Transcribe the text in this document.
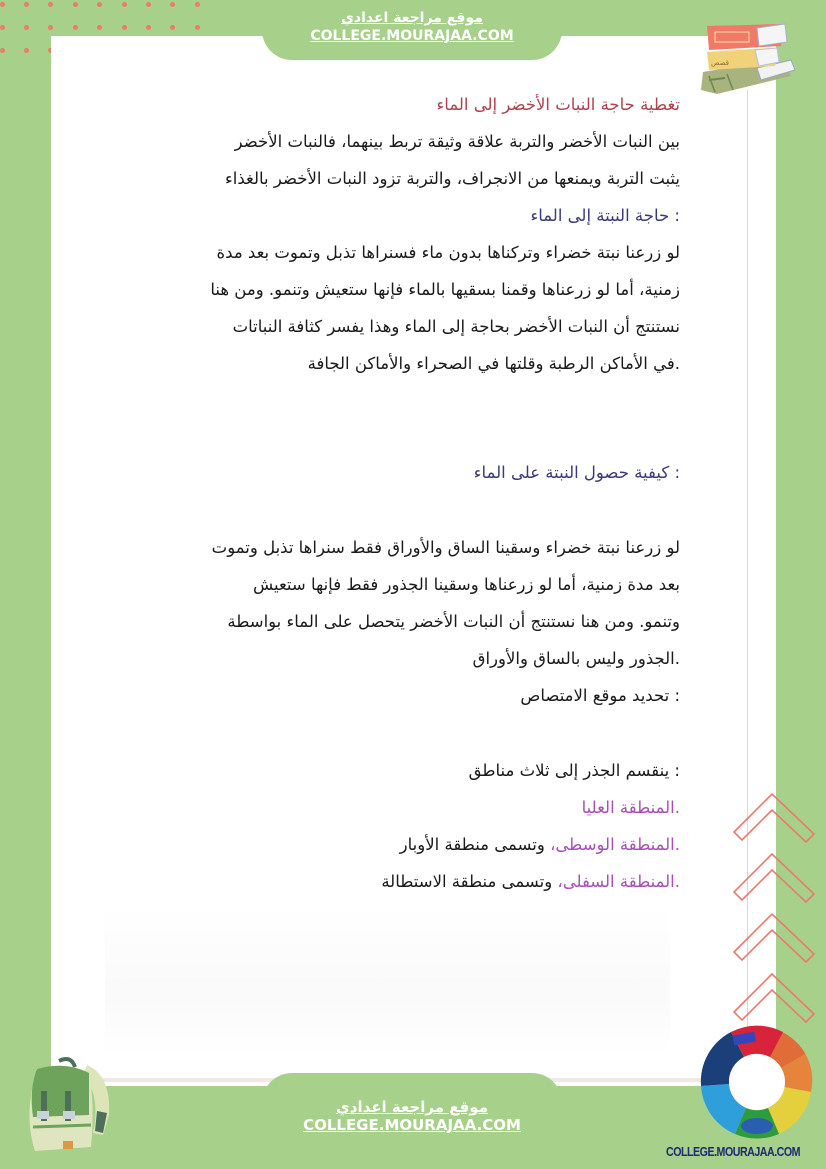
موقع مراجعة اعدادي
COLLEGE.MOURAJAA.COM
ﻗﺼﺺ
تغطية حاجة النبات الأخضر إلى الماء
بين النبات الأخضر والتربة علاقة وثيقة تربط بينهما، فالنبات الأخضر
يثبت التربة ويمنعها من الانجراف، والتربة تزود النبات الأخضر بالغذاء
: حاجة النبتة إلى الماء
لو زرعنا نبتة خضراء وتركناها بدون ماء فسنراها تذبل وتموت بعد مدة
زمنية، أما لو زرعناها وقمنا بسقيها بالماء فإنها ستعيش وتنمو. ومن هنا
نستنتج أن النبات الأخضر بحاجة إلى الماء وهذا يفسر كثافة النباتات
.في الأماكن الرطبة وقلتها في الصحراء والأماكن الجافة
: كيفية حصول النبتة على الماء
لو زرعنا نبتة خضراء وسقينا الساق والأوراق فقط سنراها تذبل وتموت
بعد مدة زمنية، أما لو زرعناها وسقينا الجذور فقط فإنها ستعيش
وتنمو. ومن هنا نستنتج أن النبات الأخضر يتحصل على الماء بواسطة
.الجذور وليس بالساق والأوراق
: تحديد موقع الامتصاص
: ينقسم الجذر إلى ثلاث مناطق
.المنطقة العليا
.المنطقة الوسطى، وتسمى منطقة الأوبار
.المنطقة السفلى، وتسمى منطقة الاستطالة
موقع مراجعة اعدادي
COLLEGE.MOURAJAA.COM
COLLEGE.MOURAJAA.COM
